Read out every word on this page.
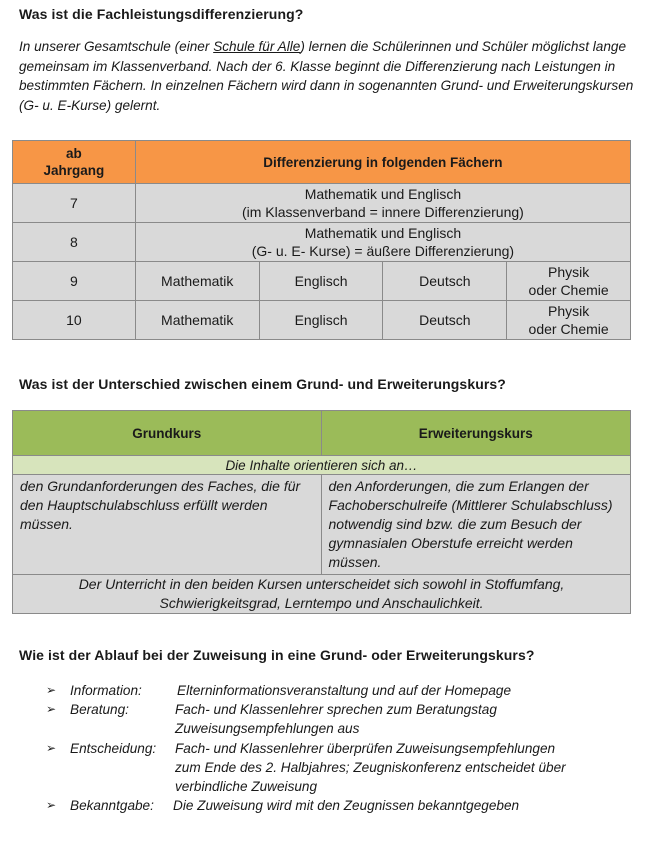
Was ist die Fachleistungsdifferenzierung?
In unserer Gesamtschule (einer Schule für Alle) lernen die Schülerinnen und Schüler möglichst lange gemeinsam im Klassenverband. Nach der 6. Klasse beginnt die Differenzierung nach Leistungen in bestimmten Fächern. In einzelnen Fächern wird dann in sogenannten Grund- und Erweiterungskursen (G- u. E-Kurse) gelernt.
ab
Jahrgang	Differenzierung in folgenden Fächern			
7	Mathematik und Englisch
(im Klassenverband = innere Differenzierung)			
8	Mathematik und Englisch
(G- u. E- Kurse) = äußere Differenzierung)			
9	Mathematik	Englisch	Deutsch	Physik
oder Chemie
10	Mathematik	Englisch	Deutsch	Physik
oder Chemie
Was ist der Unterschied zwischen einem Grund- und Erweiterungskurs?
Grundkurs	Erweiterungskurs
Die Inhalte orientieren sich an…	
den Grundanforderungen des Faches, die für den Hauptschulabschluss erfüllt werden müssen.	den Anforderungen, die zum Erlangen der Fachoberschulreife (Mittlerer Schulabschluss) notwendig sind bzw. die zum Besuch der gymnasialen Oberstufe erreicht werden müssen.
Der Unterricht in den beiden Kursen unterscheidet sich sowohl in Stoffumfang,
Schwierigkeitsgrad, Lerntempo und Anschaulichkeit.	
Wie ist der Ablauf bei der Zuweisung in eine Grund- oder Erweiterungskurs?
➢ Information:	Elterninformationsveranstaltung und auf der Homepage
➢ Beratung:	Fach- und Klassenlehrer sprechen zum Beratungstag
Zuweisungsempfehlungen aus
➢ Entscheidung:	Fach- und Klassenlehrer überprüfen Zuweisungsempfehlungen
zum Ende des 2. Halbjahres; Zeugniskonferenz entscheidet über
verbindliche Zuweisung
➢ Bekanntgabe:	Die Zuweisung wird mit den Zeugnissen bekanntgegeben
